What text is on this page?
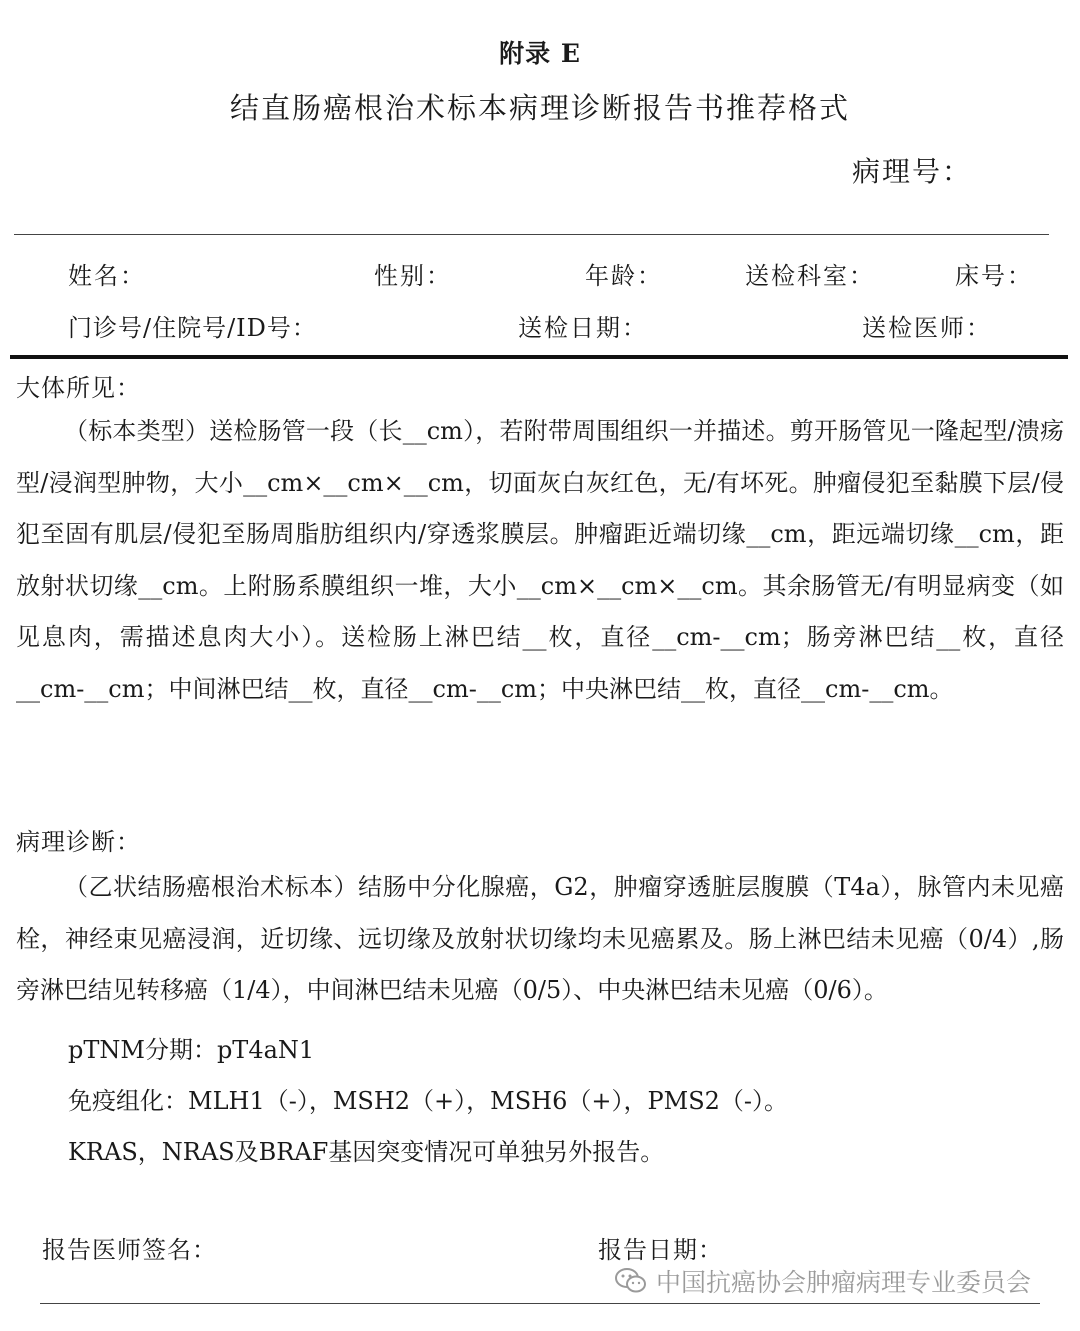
附录 E
结直肠癌根治术标本病理诊断报告书推荐格式
病理号：
姓名：	性别：	年龄：	送检科室：	床号：
门诊号/住院号/ID号：	送检日期：	送检医师：
大体所见：
（标本类型）送检肠管一段（长__cm），若附带周围组织一并描述。剪开肠管见一隆起型/溃疡型/浸润型肿物，大小__cm×__cm×__cm，切面灰白灰红色，无/有坏死。肿瘤侵犯至黏膜下层/侵犯至固有肌层/侵犯至肠周脂肪组织内/穿透浆膜层。肿瘤距近端切缘__cm，距远端切缘__cm，距放射状切缘__cm。上附肠系膜组织一堆，大小__cm×__cm×__cm。其余肠管无/有明显病变（如见息肉，需描述息肉大小）。送检肠上淋巴结__枚，直径__cm-__cm；肠旁淋巴结__枚，直径__cm-__cm；中间淋巴结__枚，直径__cm-__cm；中央淋巴结__枚，直径__cm-__cm。
病理诊断：
（乙状结肠癌根治术标本）结肠中分化腺癌，G2，肿瘤穿透脏层腹膜（T4a），脉管内未见癌栓，神经束见癌浸润，近切缘、远切缘及放射状切缘均未见癌累及。肠上淋巴结未见癌（0/4）,肠旁淋巴结见转移癌（1/4），中间淋巴结未见癌（0/5）、中央淋巴结未见癌（0/6）。
pTNM分期：pT4aN1
免疫组化：MLH1（-），MSH2（+），MSH6（+），PMS2（-）。
KRAS，NRAS及BRAF基因突变情况可单独另外报告。
报告医师签名：	报告日期：
中国抗癌协会肿瘤病理专业委员会
